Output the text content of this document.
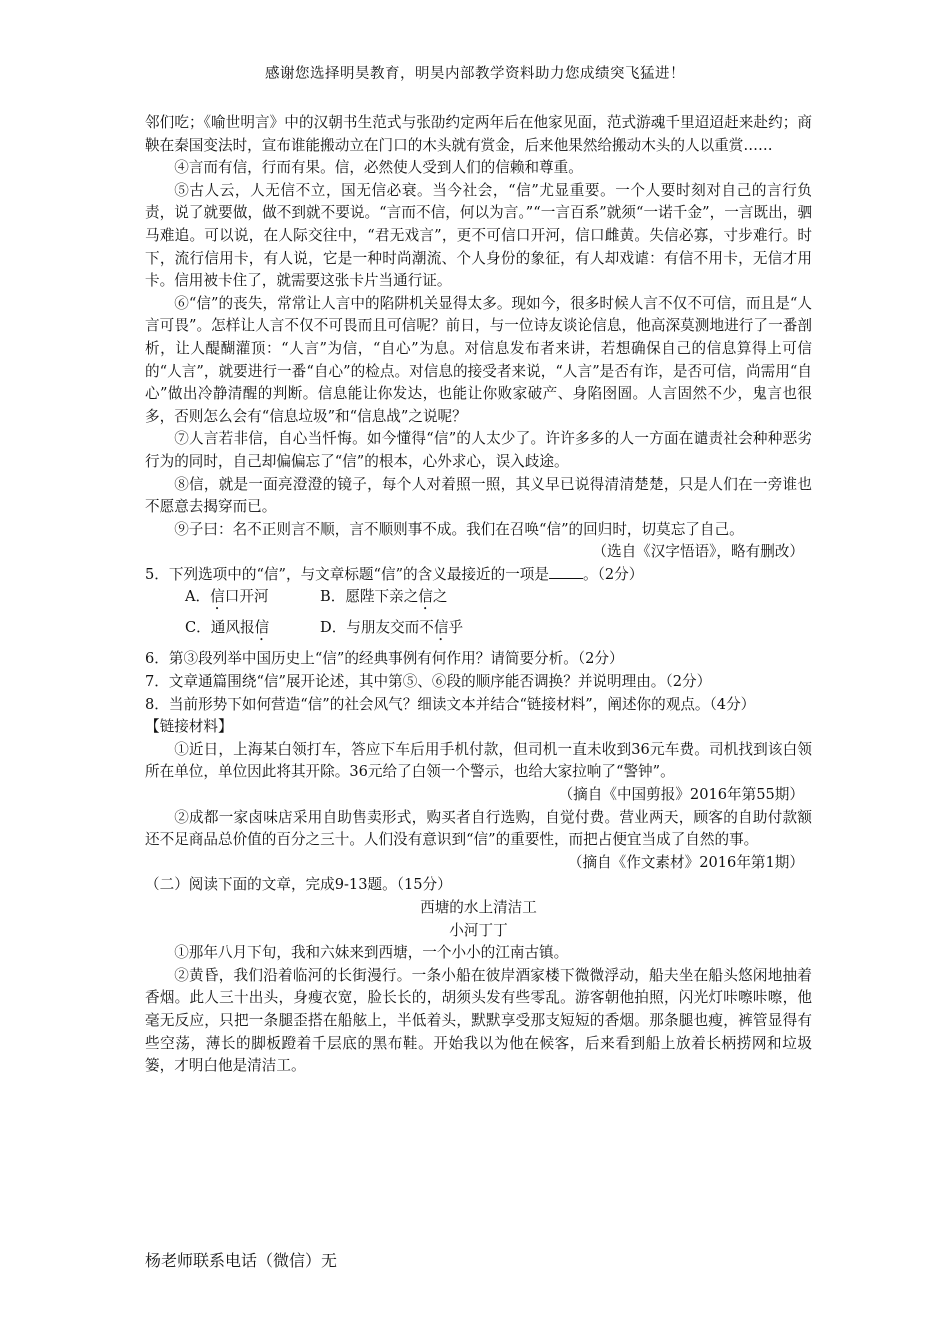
感谢您选择明昊教育，明昊内部教学资料助力您成绩突飞猛进！

邻们吃；《喻世明言》中的汉朝书生范式与张劭约定两年后在他家见面，范式游魂千里迢迢赶来赴约；商鞅在秦国变法时，宣布谁能搬动立在门口的木头就有赏金，后来他果然给搬动木头的人以重赏……

④言而有信，行而有果。信，必然使人受到人们的信赖和尊重。

⑤古人云，人无信不立，国无信必衰。当今社会，“信”尤显重要。一个人要时刻对自己的言行负责，说了就要做，做不到就不要说。“言而不信，何以为言。”“一言百系”就须“一诺千金”，一言既出，驷马难追。可以说，在人际交往中，“君无戏言”，更不可信口开河，信口雌黄。失信必寡，寸步难行。时下，流行信用卡，有人说，它是一种时尚潮流、个人身份的象征，有人却戏谑：有信不用卡，无信才用卡。信用被卡住了，就需要这张卡片当通行证。

⑥“信”的丧失，常常让人言中的陷阱机关显得太多。现如今，很多时候人言不仅不可信，而且是“人言可畏”。怎样让人言不仅不可畏而且可信呢？前日，与一位诗友谈论信息，他高深莫测地进行了一番剖析，让人醍醐灌顶：“人言”为信，“自心”为息。对信息发布者来讲，若想确保自己的信息算得上可信的“人言”，就要进行一番“自心”的检点。对信息的接受者来说，“人言”是否有诈，是否可信，尚需用“自心”做出冷静清醒的判断。信息能让你发达，也能让你败家破产、身陷囹圄。人言固然不少，鬼言也很多，否则怎么会有“信息垃圾”和“信息战”之说呢？

⑦人言若非信，自心当忏悔。如今懂得“信”的人太少了。许许多多的人一方面在谴责社会种种恶劣行为的同时，自己却偏偏忘了“信”的根本，心外求心，误入歧途。

⑧信，就是一面亮澄澄的镜子，每个人对着照一照，其义早已说得清清楚楚，只是人们在一旁谁也不愿意去揭穿而已。

⑨子曰：名不正则言不顺，言不顺则事不成。我们在召唤“信”的回归时，切莫忘了自己。

（选自《汉字悟语》，略有删改）

5．下列选项中的“信”，与文章标题“信”的含义最接近的一项是 。（2分）

A．信口开河	B．愿陛下亲之信之
C．通风报信	D．与朋友交而不信乎

6．第③段列举中国历史上“信”的经典事例有何作用？请简要分析。（2分）

7．文章通篇围绕“信”展开论述，其中第⑤、⑥段的顺序能否调换？并说明理由。（2分）

8．当前形势下如何营造“信”的社会风气？细读文本并结合“链接材料”，阐述你的观点。（4分）

【链接材料】

①近日，上海某白领打车，答应下车后用手机付款，但司机一直未收到36元车费。司机找到该白领所在单位，单位因此将其开除。36元给了白领一个警示，也给大家拉响了“警钟”。

（摘自《中国剪报》2016年第55期）

②成都一家卤味店采用自助售卖形式，购买者自行选购，自觉付费。营业两天，顾客的自助付款额还不足商品总价值的百分之三十。人们没有意识到“信”的重要性，而把占便宜当成了自然的事。

（摘自《作文素材》2016年第1期）

（二）阅读下面的文章，完成9-13题。（15分）

西塘的水上清洁工

小河丁丁

①那年八月下旬，我和六妹来到西塘，一个小小的江南古镇。

②黄昏，我们沿着临河的长街漫行。一条小船在彼岸酒家楼下微微浮动，船夫坐在船头悠闲地抽着香烟。此人三十出头，身瘦衣宽，脸长长的，胡须头发有些零乱。游客朝他拍照，闪光灯咔嚓咔嚓，他毫无反应，只把一条腿歪搭在船舷上，半低着头，默默享受那支短短的香烟。那条腿也瘦，裤管显得有些空荡，薄长的脚板蹬着千层底的黑布鞋。开始我以为他在候客，后来看到船上放着长柄捞网和垃圾篓，才明白他是清洁工。

杨老师联系电话（微信）无
